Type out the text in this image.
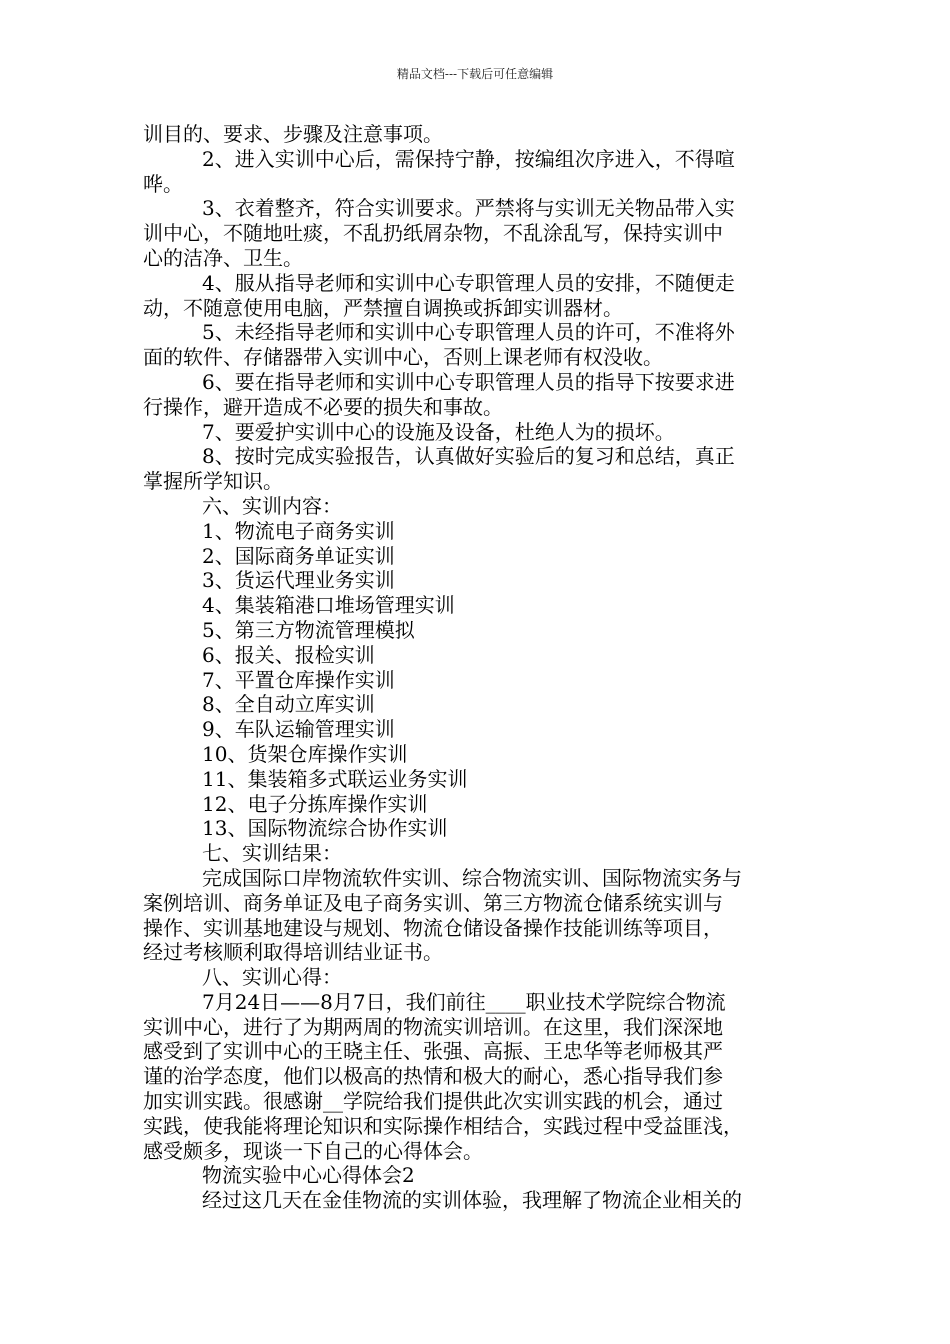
精品文档---下载后可任意编辑
训目的、要求、步骤及注意事项。
2、进入实训中心后，需保持宁静，按编组次序进入，不得喧
哗。
3、衣着整齐，符合实训要求。严禁将与实训无关物品带入实
训中心，不随地吐痰，不乱扔纸屑杂物，不乱涂乱写，保持实训中
心的洁净、卫生。
4、服从指导老师和实训中心专职管理人员的安排，不随便走
动，不随意使用电脑，严禁擅自调换或拆卸实训器材。
5、未经指导老师和实训中心专职管理人员的许可，不准将外
面的软件、存储器带入实训中心，否则上课老师有权没收。
6、要在指导老师和实训中心专职管理人员的指导下按要求进
行操作，避开造成不必要的损失和事故。
7、要爱护实训中心的设施及设备，杜绝人为的损坏。
8、按时完成实验报告，认真做好实验后的复习和总结，真正
掌握所学知识。
六、实训内容：
1、物流电子商务实训
2、国际商务单证实训
3、货运代理业务实训
4、集装箱港口堆场管理实训
5、第三方物流管理模拟
6、报关、报检实训
7、平置仓库操作实训
8、全自动立库实训
9、车队运输管理实训
10、货架仓库操作实训
11、集装箱多式联运业务实训
12、电子分拣库操作实训
13、国际物流综合协作实训
七、实训结果：
完成国际口岸物流软件实训、综合物流实训、国际物流实务与
案例培训、商务单证及电子商务实训、第三方物流仓储系统实训与
操作、实训基地建设与规划、物流仓储设备操作技能训练等项目，
经过考核顺利取得培训结业证书。
八、实训心得：
7月24日——8月7日，我们前往____职业技术学院综合物流
实训中心，进行了为期两周的物流实训培训。在这里，我们深深地
感受到了实训中心的王晓主任、张强、高振、王忠华等老师极其严
谨的治学态度，他们以极高的热情和极大的耐心，悉心指导我们参
加实训实践。很感谢__学院给我们提供此次实训实践的机会，通过
实践，使我能将理论知识和实际操作相结合，实践过程中受益匪浅，
感受颇多，现谈一下自己的心得体会。
物流实验中心心得体会2
经过这几天在金佳物流的实训体验，我理解了物流企业相关的
